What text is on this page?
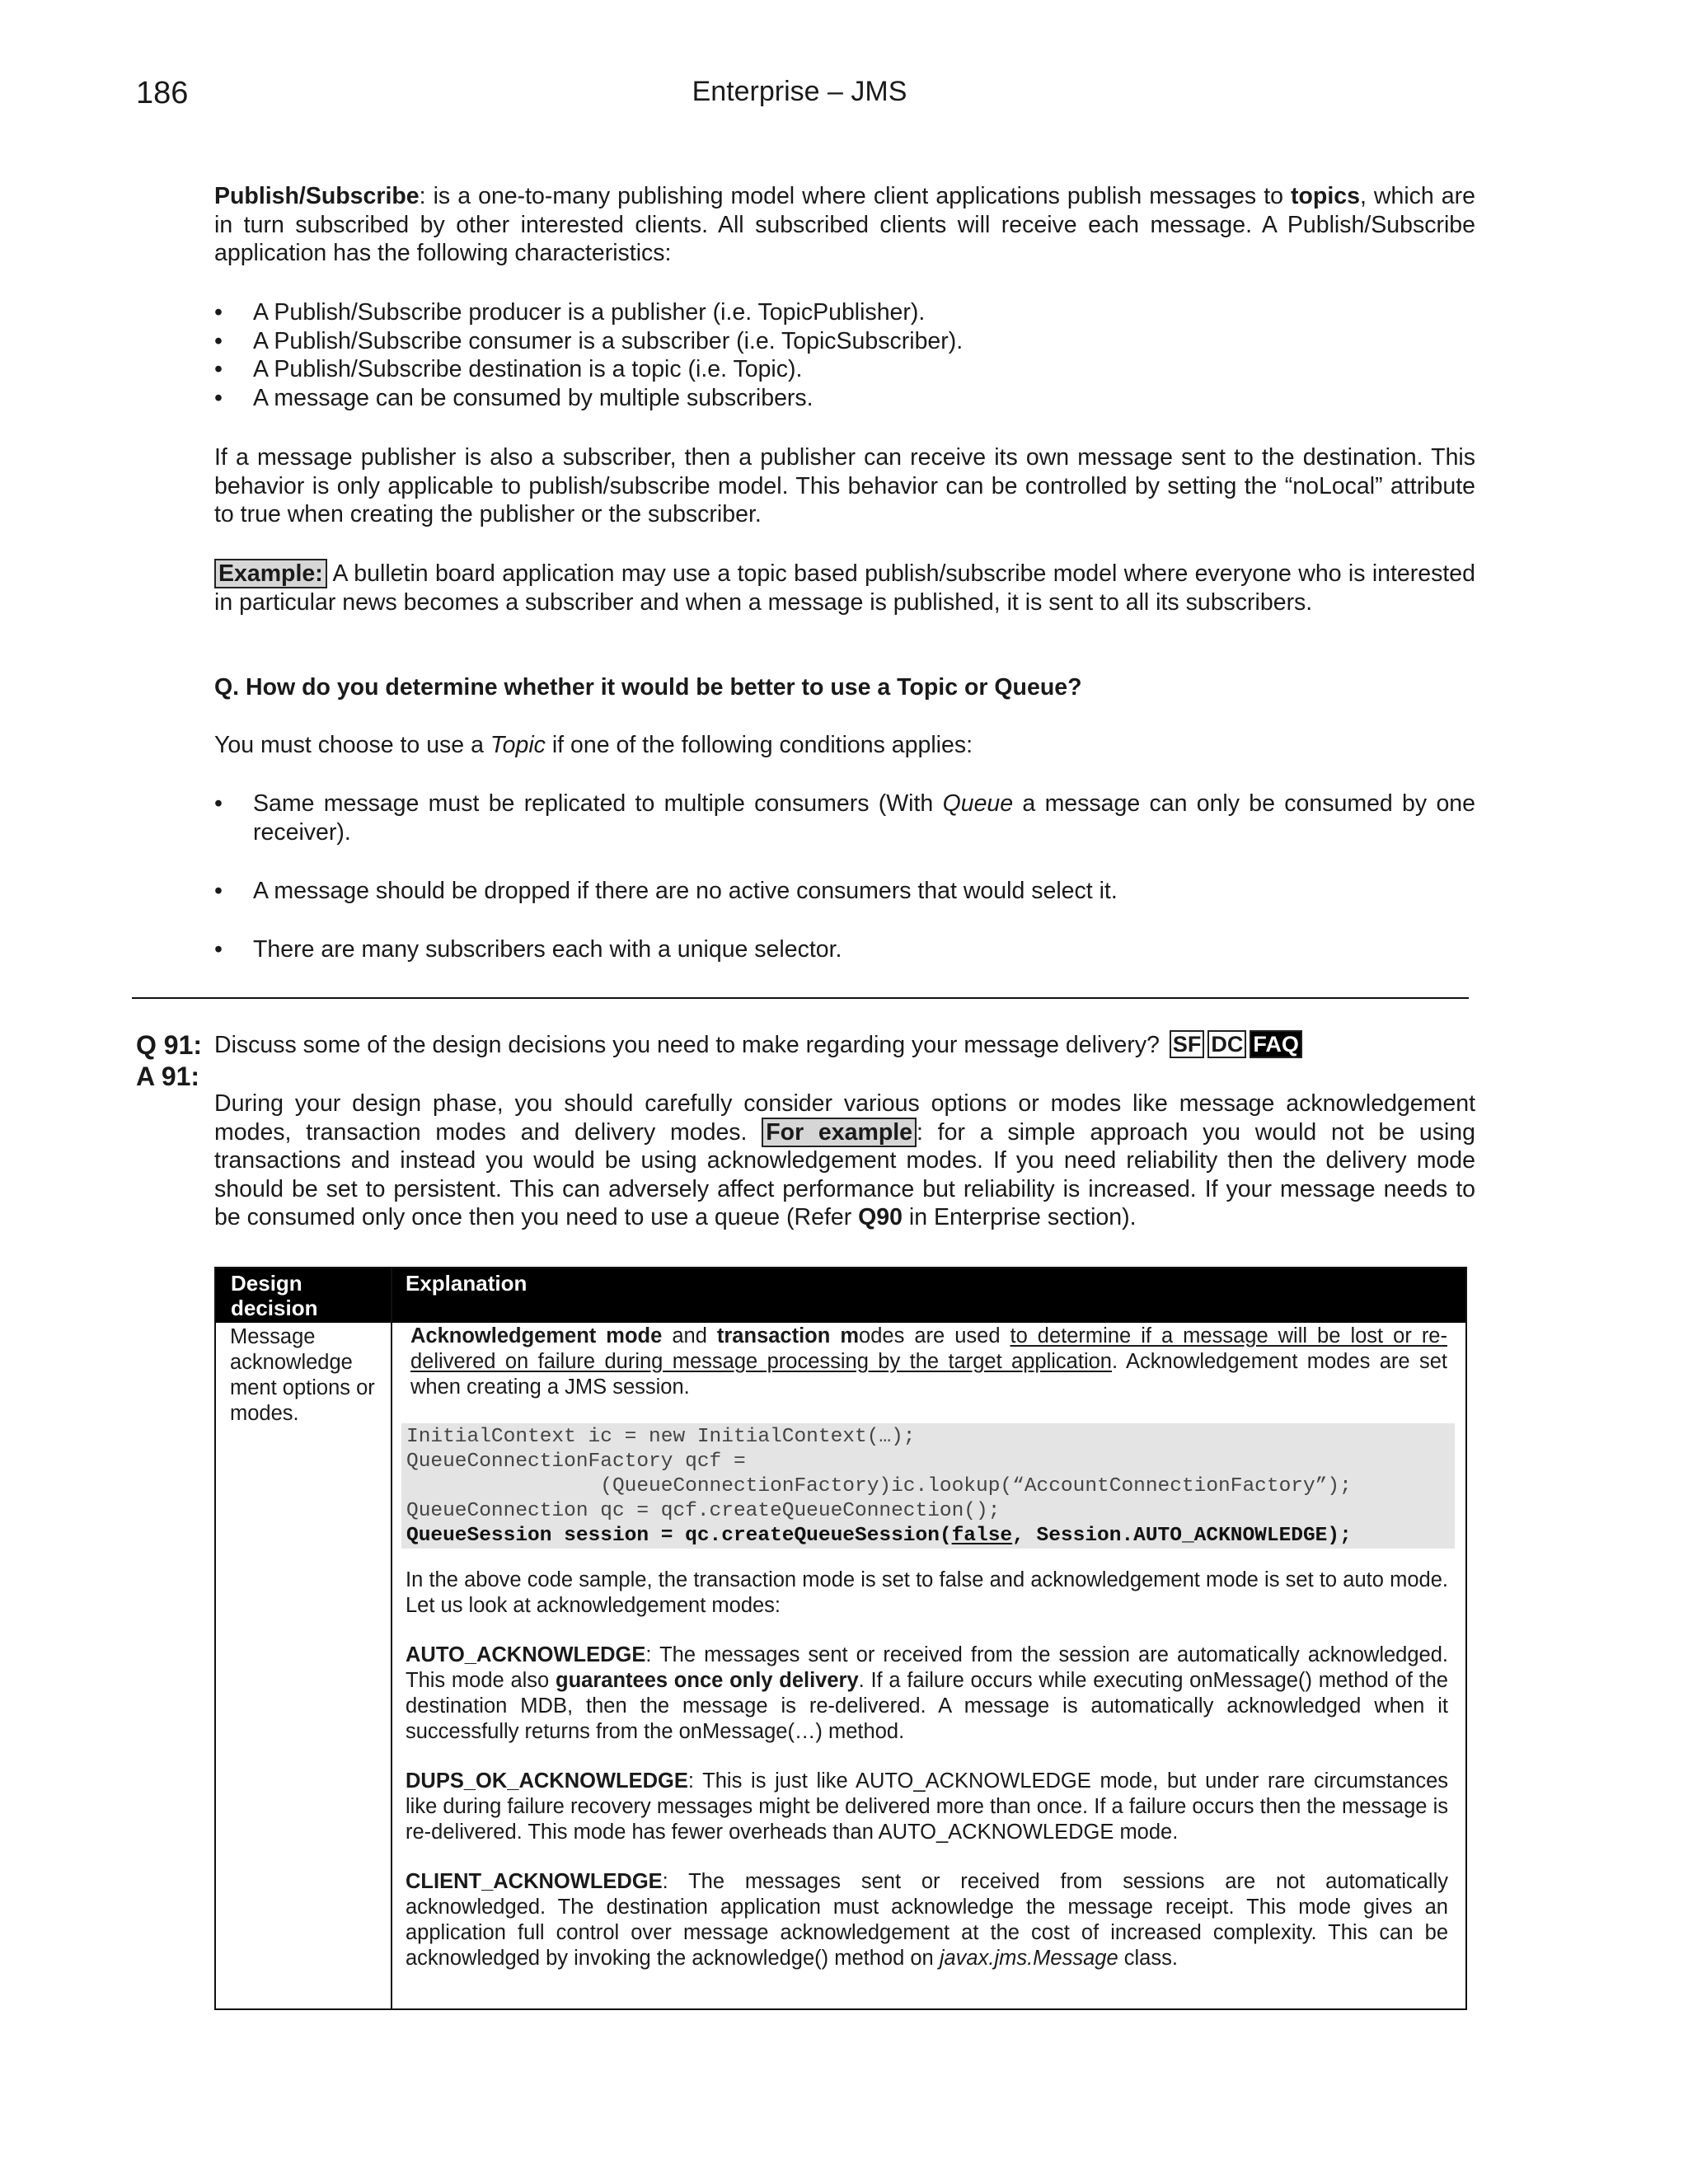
186	Enterprise – JMS

Publish/Subscribe: is a one-to-many publishing model where client applications publish messages to topics, which are in turn subscribed by other interested clients. All subscribed clients will receive each message. A Publish/Subscribe application has the following characteristics:

• A Publish/Subscribe producer is a publisher (i.e. TopicPublisher).
• A Publish/Subscribe consumer is a subscriber (i.e. TopicSubscriber).
• A Publish/Subscribe destination is a topic (i.e. Topic).
• A message can be consumed by multiple subscribers.

If a message publisher is also a subscriber, then a publisher can receive its own message sent to the destination. This behavior is only applicable to publish/subscribe model. This behavior can be controlled by setting the “noLocal” attribute to true when creating the publisher or the subscriber.

Example: A bulletin board application may use a topic based publish/subscribe model where everyone who is interested in particular news becomes a subscriber and when a message is published, it is sent to all its subscribers.

Q. How do you determine whether it would be better to use a Topic or Queue?

You must choose to use a Topic if one of the following conditions applies:

• Same message must be replicated to multiple consumers (With Queue a message can only be consumed by one receiver).
• A message should be dropped if there are no active consumers that would select it.
• There are many subscribers each with a unique selector.
Q 91:
A 91:

Discuss some of the design decisions you need to make regarding your message delivery? SF DC FAQ

During your design phase, you should carefully consider various options or modes like message acknowledgement modes, transaction modes and delivery modes. For example : for a simple approach you would not be using transactions and instead you would be using acknowledgement modes. If you need reliability then the delivery mode should be set to persistent. This can adversely affect performance but reliability is increased. If your message needs to be consumed only once then you need to use a queue (Refer Q90 in Enterprise section).

Design decision
Explanation
Message acknowledge ment options or modes.
Acknowledgement mode and transaction modes are used to determine if a message will be lost or re-delivered on failure during message processing by the target application. Acknowledgement modes are set when creating a JMS session.
InitialContext ic = new InitialContext(…);
QueueConnectionFactory qcf =
(QueueConnectionFactory)ic.lookup(“AccountConnectionFactory”);
QueueConnection qc = qcf.createQueueConnection();
QueueSession session = qc.createQueueSession(false, Session.AUTO_ACKNOWLEDGE);
In the above code sample, the transaction mode is set to false and acknowledgement mode is set to auto mode. Let us look at acknowledgement modes:
AUTO_ACKNOWLEDGE: The messages sent or received from the session are automatically acknowledged. This mode also guarantees once only delivery. If a failure occurs while executing onMessage() method of the destination MDB, then the message is re-delivered. A message is automatically acknowledged when it successfully returns from the onMessage(…) method.
DUPS_OK_ACKNOWLEDGE: This is just like AUTO_ACKNOWLEDGE mode, but under rare circumstances like during failure recovery messages might be delivered more than once. If a failure occurs then the message is re-delivered. This mode has fewer overheads than AUTO_ACKNOWLEDGE mode.
CLIENT_ACKNOWLEDGE: The messages sent or received from sessions are not automatically acknowledged. The destination application must acknowledge the message receipt. This mode gives an application full control over message acknowledgement at the cost of increased complexity. This can be acknowledged by invoking the acknowledge() method on javax.jms.Message class.
